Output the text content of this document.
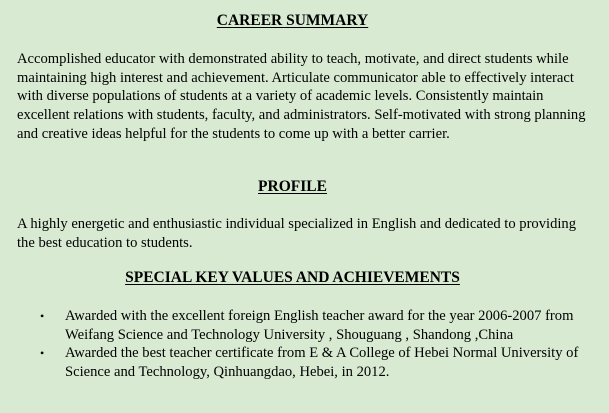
CAREER SUMMARY

Accomplished educator with demonstrated ability to teach, motivate, and direct students while maintaining high interest and achievement. Articulate communicator able to effectively interact with diverse populations of students at a variety of academic levels. Consistently maintain excellent relations with students, faculty, and administrators. Self-motivated with strong planning and creative ideas helpful for the students to come up with a better carrier.

PROFILE

A highly energetic and enthusiastic individual specialized in English and dedicated to providing the best education to students.

SPECIAL KEY VALUES AND ACHIEVEMENTS
•	Awarded with the excellent foreign English teacher award for the year 2006-2007 from Weifang Science and Technology University , Shouguang , Shandong ,China
•	Awarded the best teacher certificate from E & A College of Hebei Normal University of Science and Technology, Qinhuangdao, Hebei, in 2012.
